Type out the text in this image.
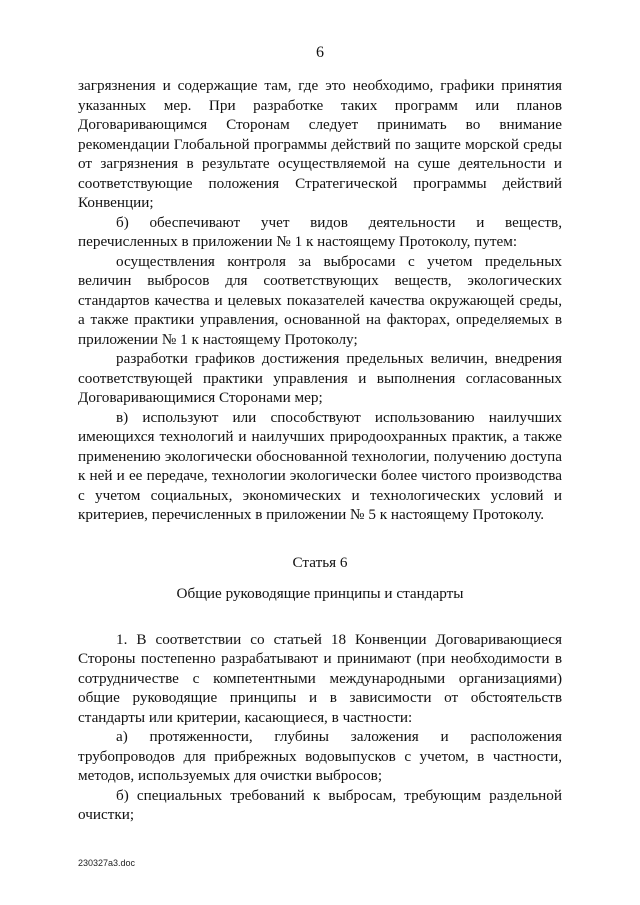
6

загрязнения и содержащие там, где это необходимо, графики принятия указанных мер. При разработке таких программ или планов Договаривающимся Сторонам следует принимать во внимание рекомендации Глобальной программы действий по защите морской среды от загрязнения в результате осуществляемой на суше деятельности и соответствующие положения Стратегической программы действий Конвенции;

б) обеспечивают учет видов деятельности и веществ, перечисленных в приложении № 1 к настоящему Протоколу, путем:

осуществления контроля за выбросами с учетом предельных величин выбросов для соответствующих веществ, экологических стандартов качества и целевых показателей качества окружающей среды, а также практики управления, основанной на факторах, определяемых в приложении № 1 к настоящему Протоколу;

разработки графиков достижения предельных величин, внедрения соответствующей практики управления и выполнения согласованных Договаривающимися Сторонами мер;

в) используют или способствуют использованию наилучших имеющихся технологий и наилучших природоохранных практик, а также применению экологически обоснованной технологии, получению доступа к ней и ее передаче, технологии экологически более чистого производства с учетом социальных, экономических и технологических условий и критериев, перечисленных в приложении № 5 к настоящему Протоколу.

Статья 6

Общие руководящие принципы и стандарты

1. В соответствии со статьей 18 Конвенции Договаривающиеся Стороны постепенно разрабатывают и принимают (при необходимости в сотрудничестве с компетентными международными организациями) общие руководящие принципы и в зависимости от обстоятельств стандарты или критерии, касающиеся, в частности:

а) протяженности, глубины заложения и расположения трубопроводов для прибрежных водовыпусков с учетом, в частности, методов, используемых для очистки выбросов;

б) специальных требований к выбросам, требующим раздельной очистки;

230327a3.doc
